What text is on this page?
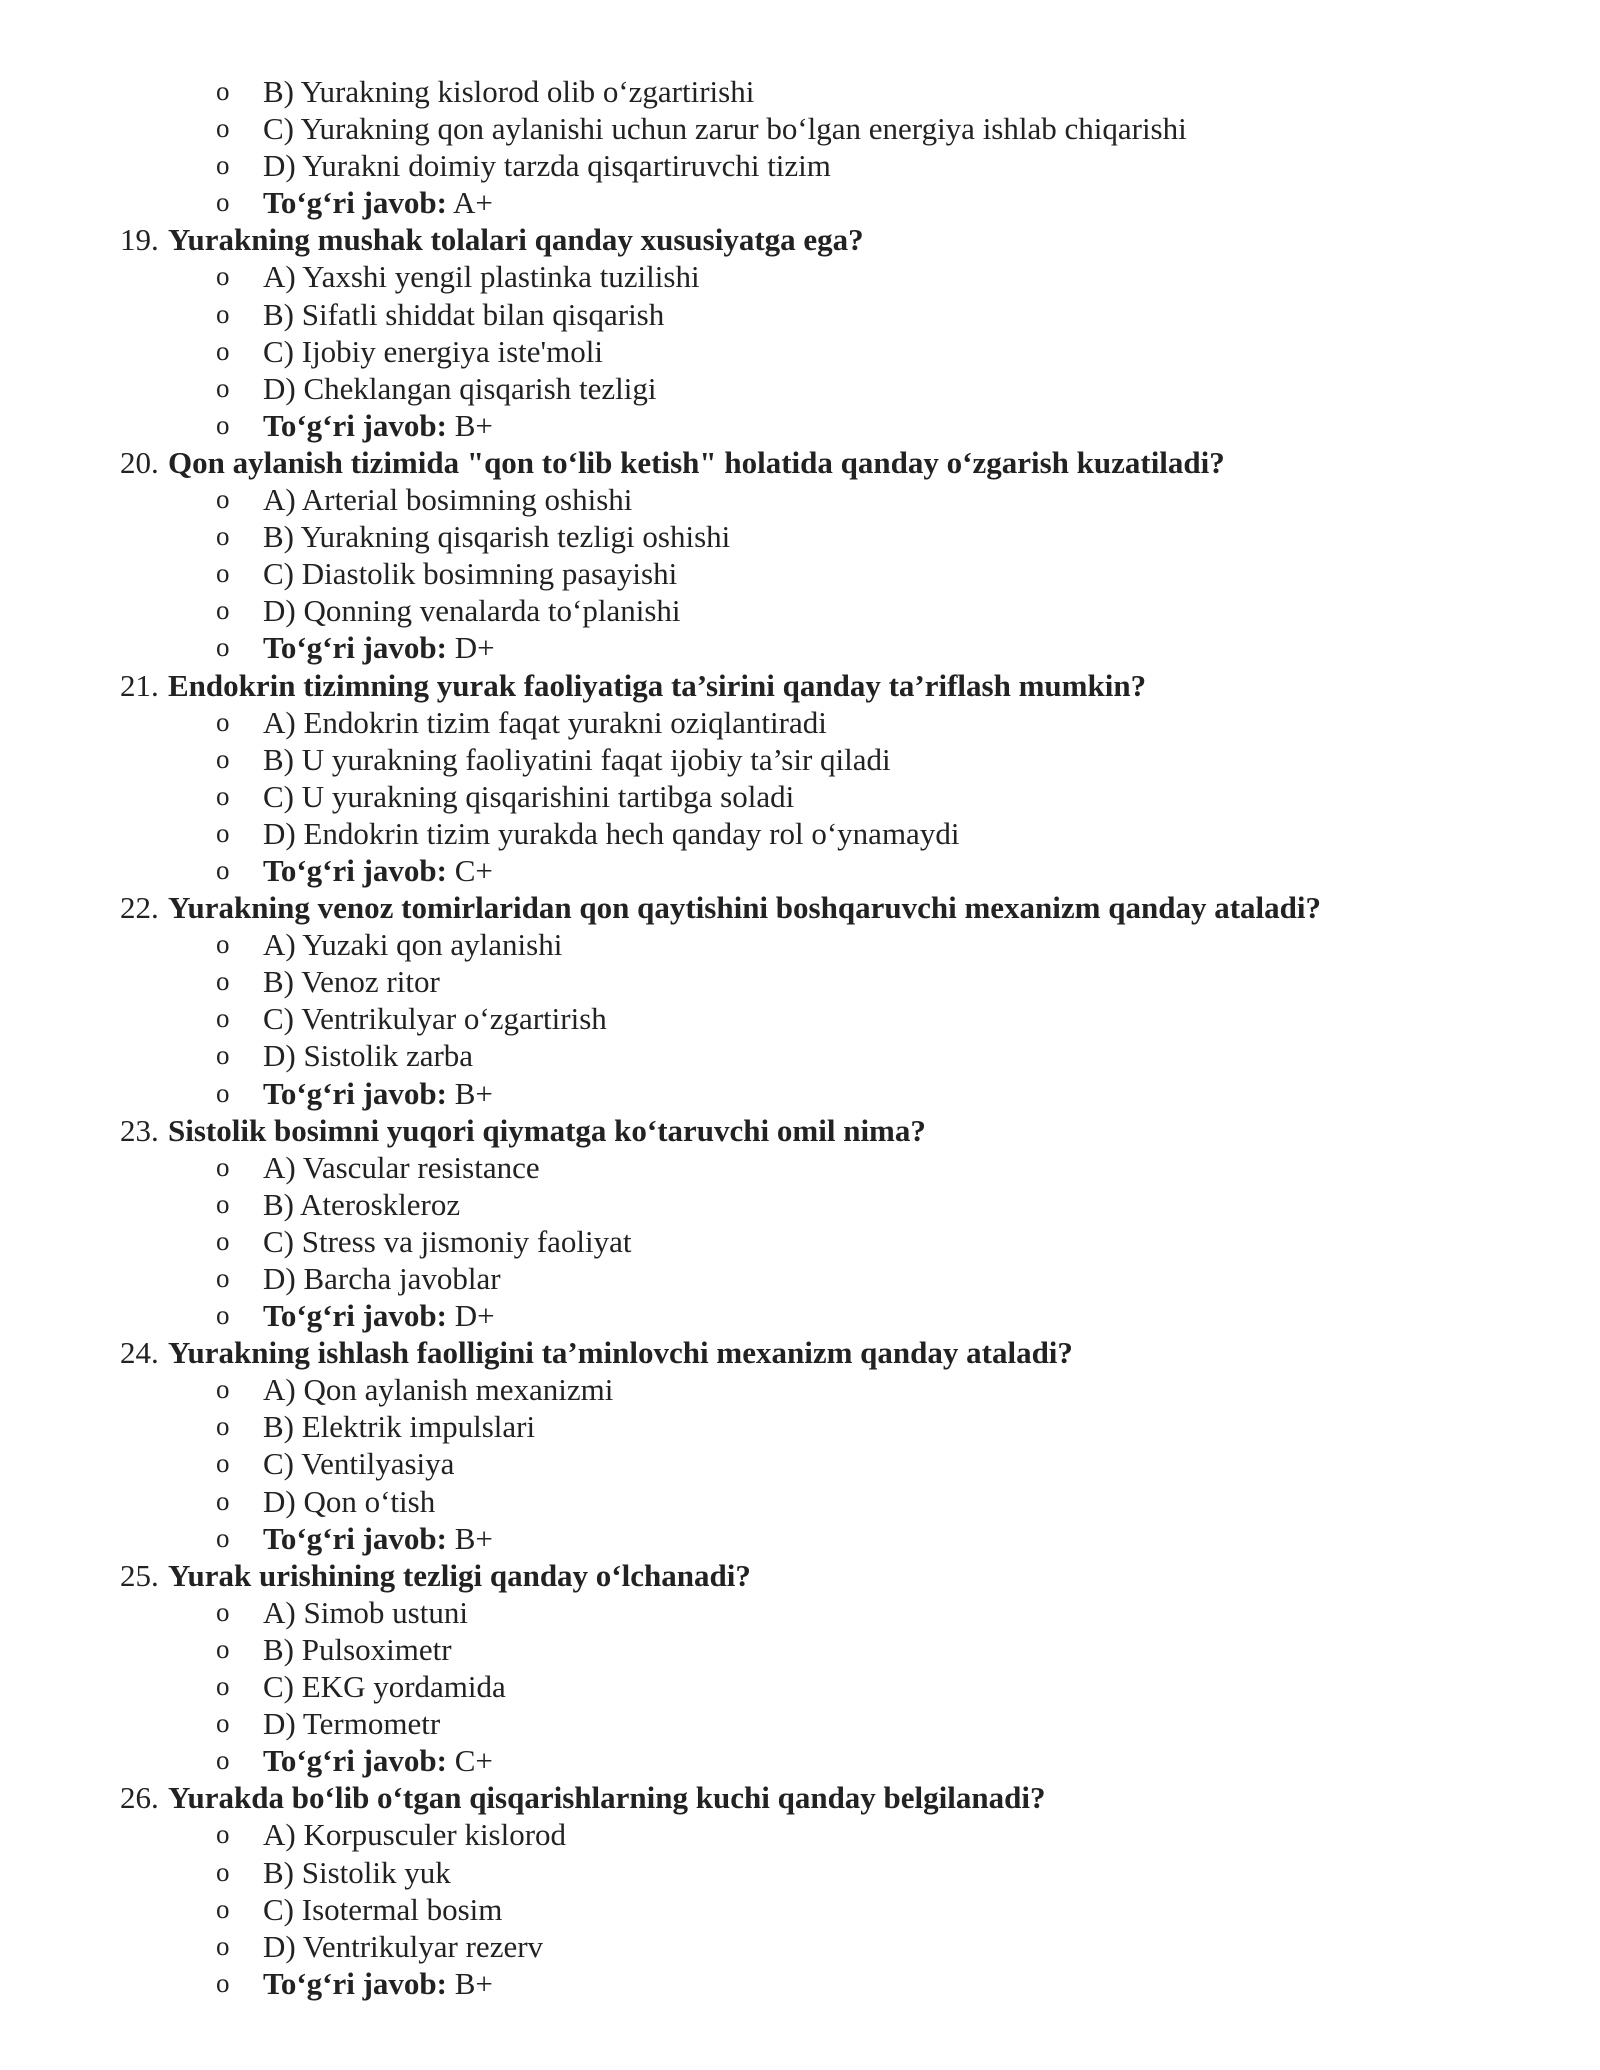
o B) Yurakning kislorod olib o‘zgartirishi
o C) Yurakning qon aylanishi uchun zarur bo‘lgan energiya ishlab chiqarishi
o D) Yurakni doimiy tarzda qisqartiruvchi tizim
o To‘g‘ri javob: A+
19. Yurakning mushak tolalari qanday xususiyatga ega?
o A) Yaxshi yengil plastinka tuzilishi
o B) Sifatli shiddat bilan qisqarish
o C) Ijobiy energiya iste'moli
o D) Cheklangan qisqarish tezligi
o To‘g‘ri javob: B+
20. Qon aylanish tizimida "qon to‘lib ketish" holatida qanday o‘zgarish kuzatiladi?
o A) Arterial bosimning oshishi
o B) Yurakning qisqarish tezligi oshishi
o C) Diastolik bosimning pasayishi
o D) Qonning venalarda to‘planishi
o To‘g‘ri javob: D+
21. Endokrin tizimning yurak faoliyatiga ta’sirini qanday ta’riflash mumkin?
o A) Endokrin tizim faqat yurakni oziqlantiradi
o B) U yurakning faoliyatini faqat ijobiy ta’sir qiladi
o C) U yurakning qisqarishini tartibga soladi
o D) Endokrin tizim yurakda hech qanday rol o‘ynamaydi
o To‘g‘ri javob: C+
22. Yurakning venoz tomirlaridan qon qaytishini boshqaruvchi mexanizm qanday ataladi?
o A) Yuzaki qon aylanishi
o B) Venoz ritor
o C) Ventrikulyar o‘zgartirish
o D) Sistolik zarba
o To‘g‘ri javob: B+
23. Sistolik bosimni yuqori qiymatga ko‘taruvchi omil nima?
o A) Vascular resistance
o B) Ateroskleroz
o C) Stress va jismoniy faoliyat
o D) Barcha javoblar
o To‘g‘ri javob: D+
24. Yurakning ishlash faolligini ta’minlovchi mexanizm qanday ataladi?
o A) Qon aylanish mexanizmi
o B) Elektrik impulslari
o C) Ventilyasiya
o D) Qon o‘tish
o To‘g‘ri javob: B+
25. Yurak urishining tezligi qanday o‘lchanadi?
o A) Simob ustuni
o B) Pulsoximetr
o C) EKG yordamida
o D) Termometr
o To‘g‘ri javob: C+
26. Yurakda bo‘lib o‘tgan qisqarishlarning kuchi qanday belgilanadi?
o A) Korpusculer kislorod
o B) Sistolik yuk
o C) Isotermal bosim
o D) Ventrikulyar rezerv
o To‘g‘ri javob: B+
